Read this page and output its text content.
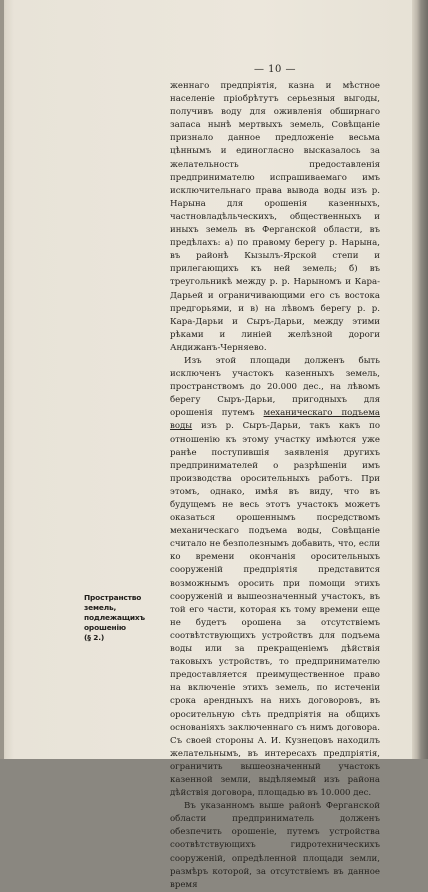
— 10 —

женнаго предпрiятiя, казна и мѣстное населенiе прiобрѣтутъ серьезныя выгоды, получивъ воду для оживленiя обширнаго запаса нынѣ мертвыхъ земель, Совѣщанiе признало данное предложенiе весьма цѣннымъ и единогласно высказалось за желательность предоставленiя предпринимателю испрашиваемаго имъ исключительнаго права вывода воды изъ р. Нарына для орошенiя казенныхъ, частновладѣльческихъ, общественныхъ и иныхъ земель въ Ферганской области, въ предѣлахъ: а) по правому берегу р. Нарына, въ районѣ Кызылъ-Ярской степи и прилегающихъ къ ней земель; б) въ треугольникѣ между р. р. Нарыномъ и Кара-Дарьей и ограничивающими его съ востока предгорьями, и в) на лѣвомъ берегу р. р. Кара-Дарьи и Сыръ-Дарьи, между этими рѣками и линiей желѣзной дороги Андижанъ-Черняево.

Изъ этой площади долженъ быть исключенъ участокъ казенныхъ земель, пространствомъ до 20.000 дес., на лѣвомъ берегу Сыръ-Дарьи, пригодныхъ для орошенiя путемъ механическаго подъема воды изъ р. Сыръ-Дарьи, такъ какъ по отношенiю къ этому участку имѣются уже ранѣе поступившiя заявленiя другихъ предпринимателей о разрѣшенiи имъ производства оросительныхъ работъ. При этомъ, однако, имѣя въ виду, что въ будущемъ не весь этотъ участокъ можетъ оказаться орошеннымъ посредствомъ механическаго подъема воды, Совѣщанiе считало не безполезнымъ добавить, что, если ко времени окончанiя оросительныхъ сооруженiй предпрiятiя представится возможнымъ оросить при помощи этихъ сооруженiй и вышеозначенный участокъ, въ той его части, которая къ тому времени еще не будетъ орошена за отсутствiемъ соотвѣтствующихъ устройствъ для подъема воды или за прекращенiемъ дѣйствiя таковыхъ устройствъ, то предпринимателю предоставляется преимущественное право на включенiе этихъ земель, по истеченiи срока арендныхъ на нихъ договоровъ, въ оросительную сѣть предпрiятiя на общихъ основанiяхъ заключеннаго съ нимъ договора. Съ своей стороны А. И. Кузнецовъ находилъ желательнымъ, въ интересахъ предпрiятiя, ограничить вышеозначенный участокъ казенной земли, выдѣляемый изъ района дѣйствiя договора, площадью въ 10.000 дес.

Въ указанномъ выше районѣ Ферганской области предприниматель долженъ обезпечить орошенiе, путемъ устройства соотвѣтствующихъ гидротехническихъ сооруженiй, опредѣленной площади земли, размѣръ которой, за отсутствiемъ въ данное время

Пространство земель,
подлежащихъ орошенiю
(§ 2.)
